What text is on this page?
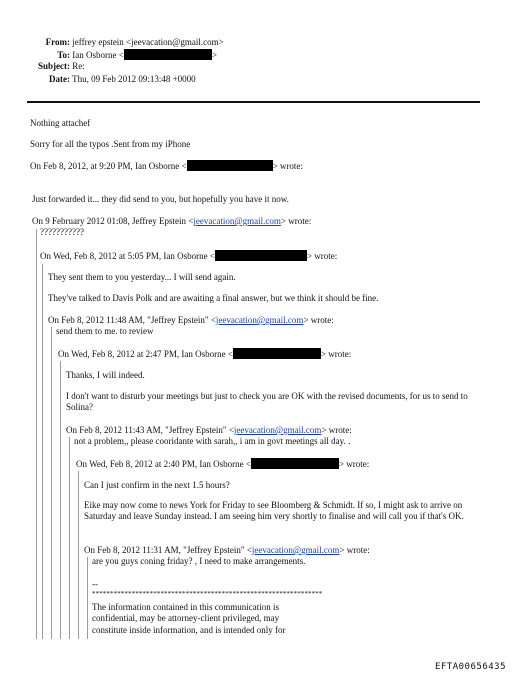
From: jeffrey epstein <jeevacation@gmail.com>
To: Ian Osborne <	>
Subject: Re:
Date: Thu, 09 Feb 2012 09:13:48 +0000
Nothing attachef
Sorry for all the typos .Sent from my iPhone
On Feb 8, 2012, at 9:20 PM, Ian Osborne <	> wrote:
Just forwarded it... they did send to you, but hopefully you have it now.
On 9 February 2012 01:08, Jeffrey Epstein <jeevacation@gmail.com> wrote:
???????????
On Wed, Feb 8, 2012 at 5:05 PM, Ian Osborne <	> wrote:
They sent them to you yesterday... I will send again.
They've talked to Davis Polk and are awaiting a final answer, but we think it should be fine.
On Feb 8, 2012 11:48 AM, "Jeffrey Epstein" <jeevacation@gmail.com> wrote:
send them to me. to review
On Wed, Feb 8, 2012 at 2:47 PM, Ian Osborne <	> wrote:
Thanks, I will indeed.
I don't want to disturb your meetings but just to check you are OK with the revised documents, for us to send to Solina?
On Feb 8, 2012 11:43 AM, "Jeffrey Epstein" <jeevacation@gmail.com> wrote:
not a problem,, please cooridante with sarah,, i am in govt meetings all day. .
On Wed, Feb 8, 2012 at 2:40 PM, Ian Osborne <	> wrote:
Can I just confirm in the next 1.5 hours?
Eike may now come to news York for Friday to see Bloomberg & Schmidt. If so, I might ask to arrive on Saturday and leave Sunday instead. I am seeing him very shortly to finalise and will call you if that's OK.
On Feb 8, 2012 11:31 AM, "Jeffrey Epstein" <jeevacation@gmail.com> wrote:
are you guys coning friday? , I need to make arrangements.
--
****************************************************************
The information contained in this communication is
confidential, may be attorney-client privileged, may
constitute inside information, and is intended only for
EFTA00656435
